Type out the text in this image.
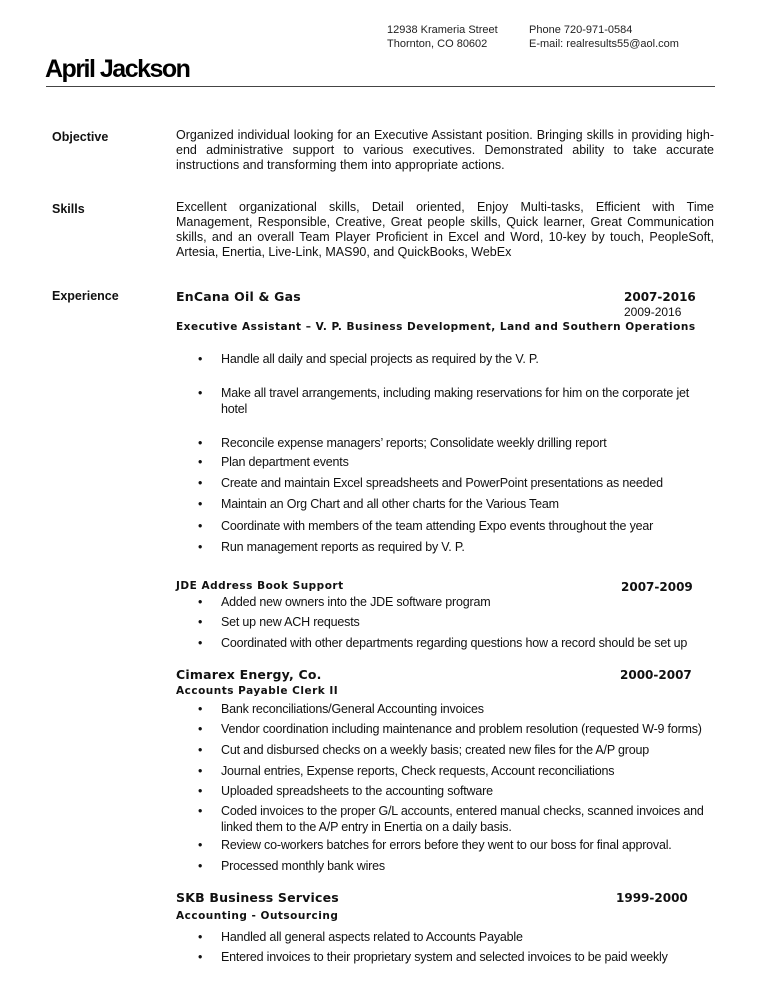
12938 Krameria Street
Thornton, CO 80602
Phone 720-971-0584
E-mail: realresults55@aol.com
April Jackson
Objective	Organized individual looking for an Executive Assistant position. Bringing skills in providing high-end administrative support to various executives. Demonstrated ability to take accurate instructions and transforming them into appropriate actions.
Skills	Excellent organizational skills, Detail oriented, Enjoy Multi-tasks, Efficient with Time Management, Responsible, Creative, Great people skills, Quick learner, Great Communication skills, and an overall Team Player Proficient in Excel and Word, 10-key by touch, PeopleSoft, Artesia, Enertia, Live-Link, MAS90, and QuickBooks, WebEx
Experience	EnCana Oil & Gas	2007-2016
2009-2016
Executive Assistant – V. P. Business Development, Land and Southern Operations
•	Handle all daily and special projects as required by the V. P.
•	Make all travel arrangements, including making reservations for him on the corporate jet hotel
•	Reconcile expense managers’ reports; Consolidate weekly drilling report
•	Plan department events
•	Create and maintain Excel spreadsheets and PowerPoint presentations as needed
•	Maintain an Org Chart and all other charts for the Various Team
•	Coordinate with members of the team attending Expo events throughout the year
•	Run management reports as required by V. P.
JDE Address Book Support	2007-2009
•	Added new owners into the JDE software program
•	Set up new ACH requests
•	Coordinated with other departments regarding questions how a record should be set up
Cimarex Energy, Co.	2000-2007
Accounts Payable Clerk II
•	Bank reconciliations/General Accounting invoices
•	Vendor coordination including maintenance and problem resolution (requested W-9 forms)
•	Cut and disbursed checks on a weekly basis; created new files for the A/P group
•	Journal entries, Expense reports, Check requests, Account reconciliations
•	Uploaded spreadsheets to the accounting software
•	Coded invoices to the proper G/L accounts, entered manual checks, scanned invoices and linked them to the A/P entry in Enertia on a daily basis.
•	Review co-workers batches for errors before they went to our boss for final approval.
•	Processed monthly bank wires
SKB Business Services	1999-2000
Accounting - Outsourcing
•	Handled all general aspects related to Accounts Payable
•	Entered invoices to their proprietary system and selected invoices to be paid weekly
